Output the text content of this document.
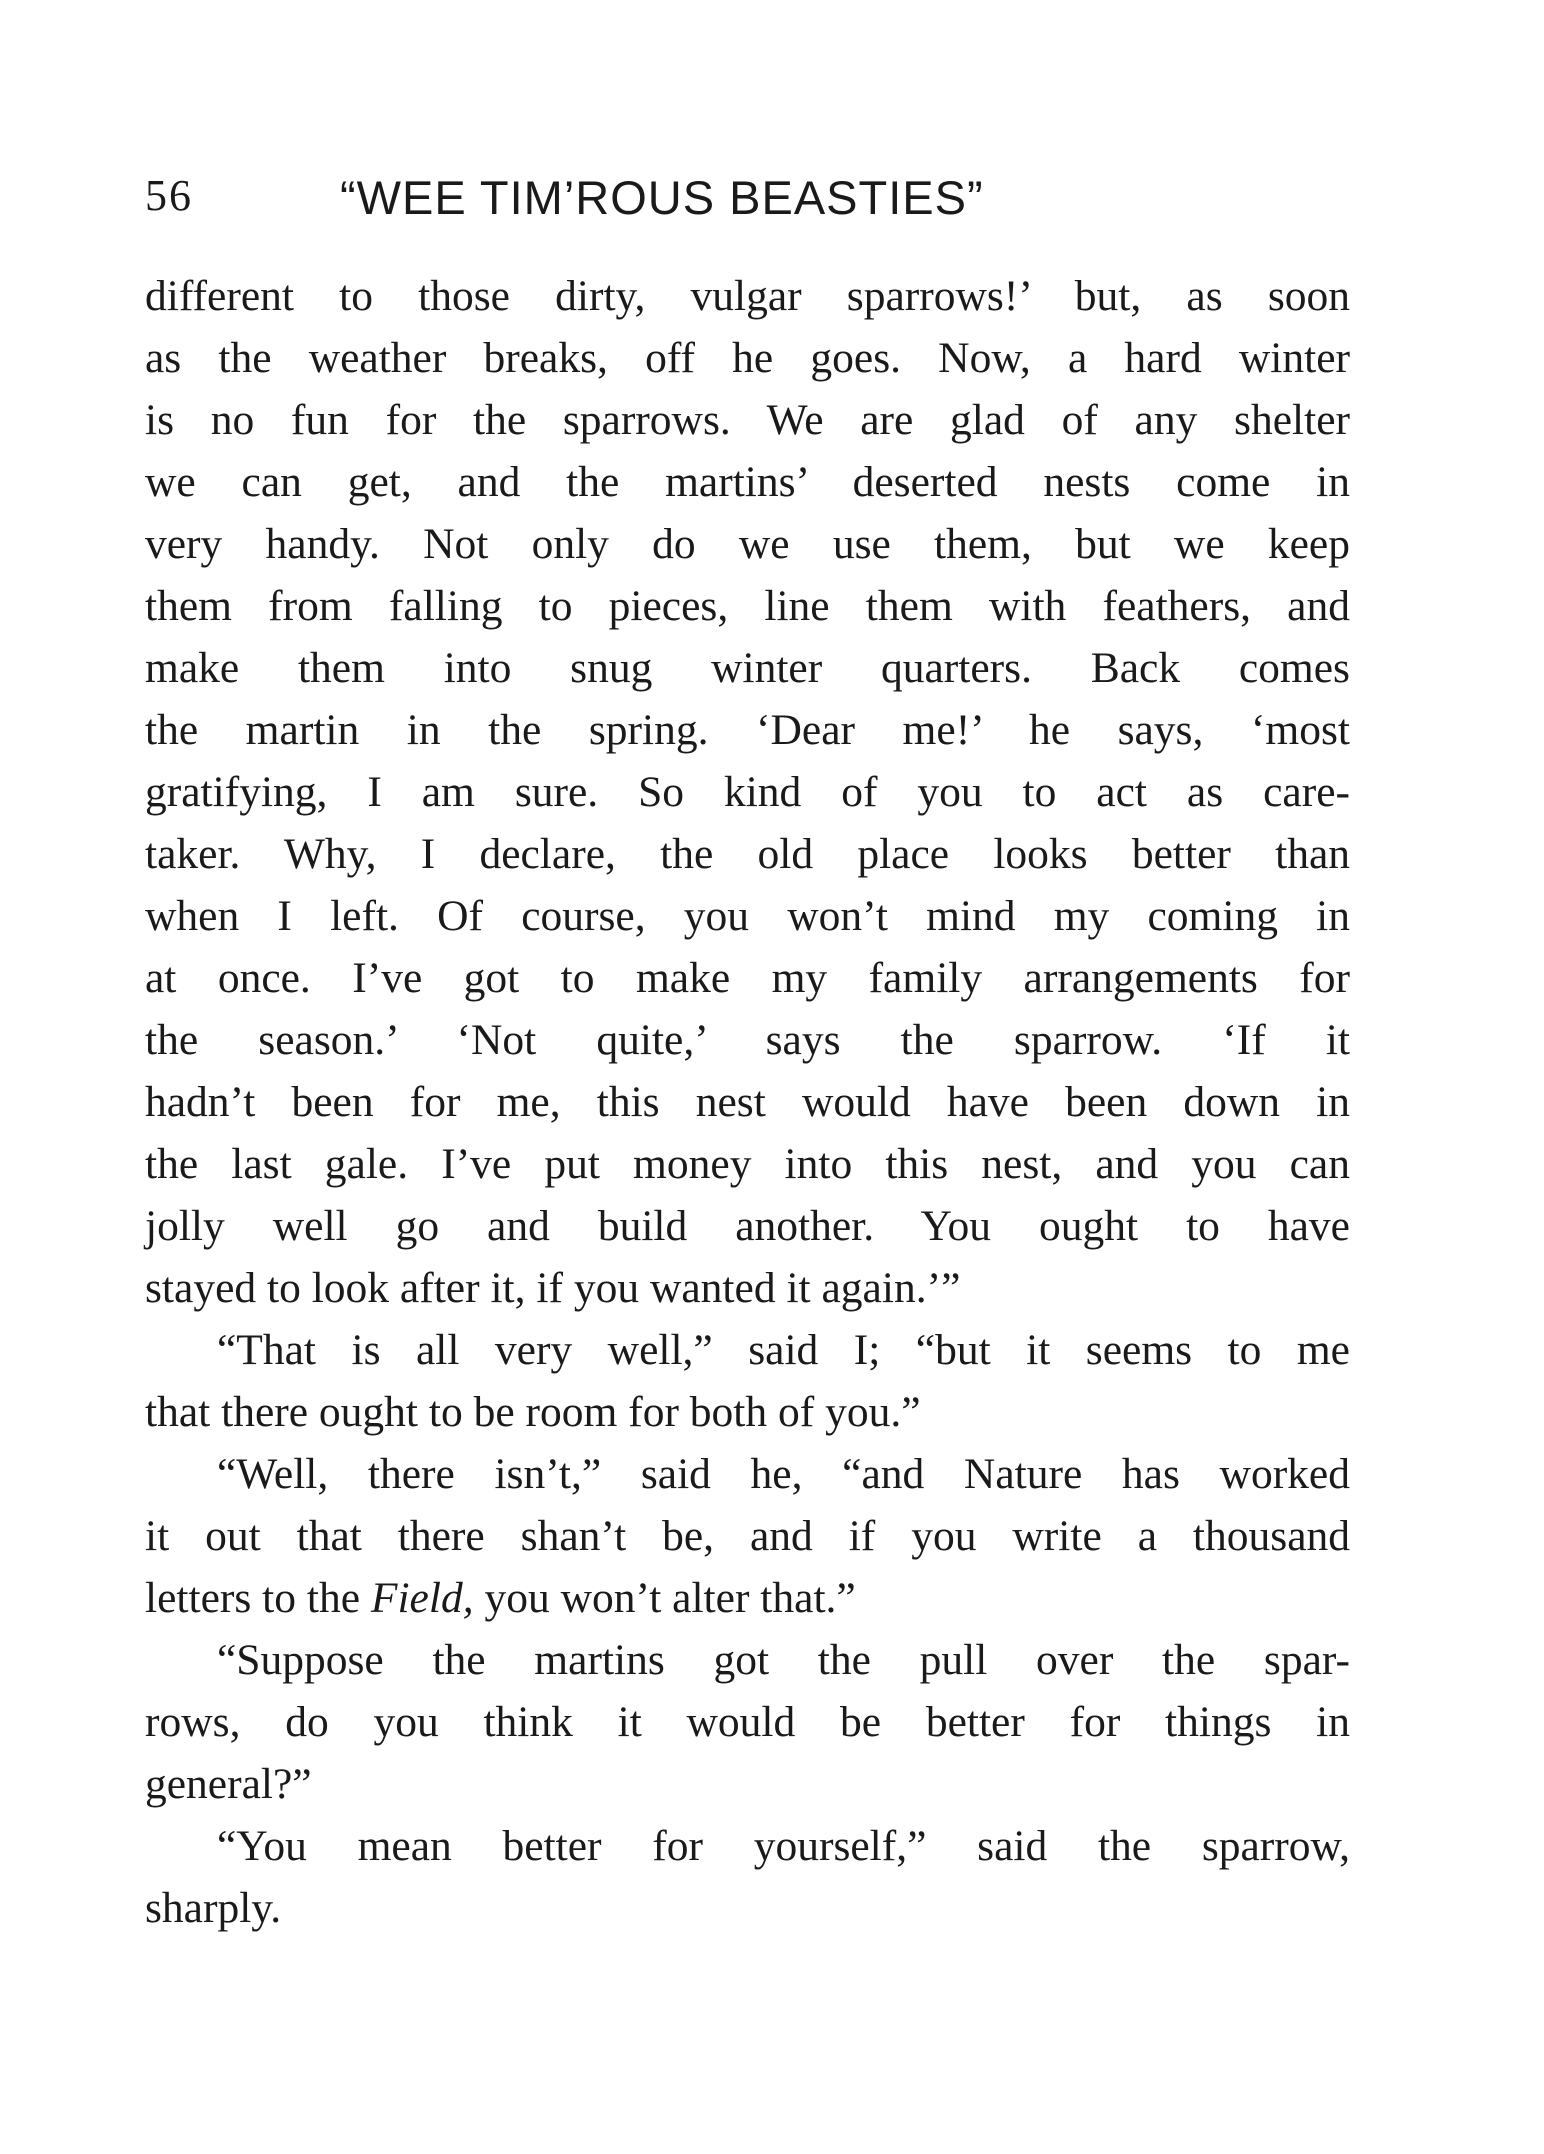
56	“WEE TIM’ROUS BEASTIES”
different to those dirty, vulgar sparrows!’ but, as soon
as the weather breaks, off he goes. Now, a hard winter
is no fun for the sparrows. We are glad of any shelter
we can get, and the martins’ deserted nests come in
very handy. Not only do we use them, but we keep
them from falling to pieces, line them with feathers, and
make them into snug winter quarters. Back comes
the martin in the spring. ‘Dear me!’ he says, ‘most
gratifying, I am sure. So kind of you to act as care-
taker. Why, I declare, the old place looks better than
when I left. Of course, you won’t mind my coming in
at once. I’ve got to make my family arrangements for
the season.’ ‘Not quite,’ says the sparrow. ‘If it
hadn’t been for me, this nest would have been down in
the last gale. I’ve put money into this nest, and you can
jolly well go and build another. You ought to have
stayed to look after it, if you wanted it again.’”
“That is all very well,” said I; “but it seems to me
that there ought to be room for both of you.”
“Well, there isn’t,” said he, “and Nature has worked
it out that there shan’t be, and if you write a thousand
letters to the Field, you won’t alter that.”
“Suppose the martins got the pull over the spar-
rows, do you think it would be better for things in
general?”
“You mean better for yourself,” said the sparrow,
sharply.
